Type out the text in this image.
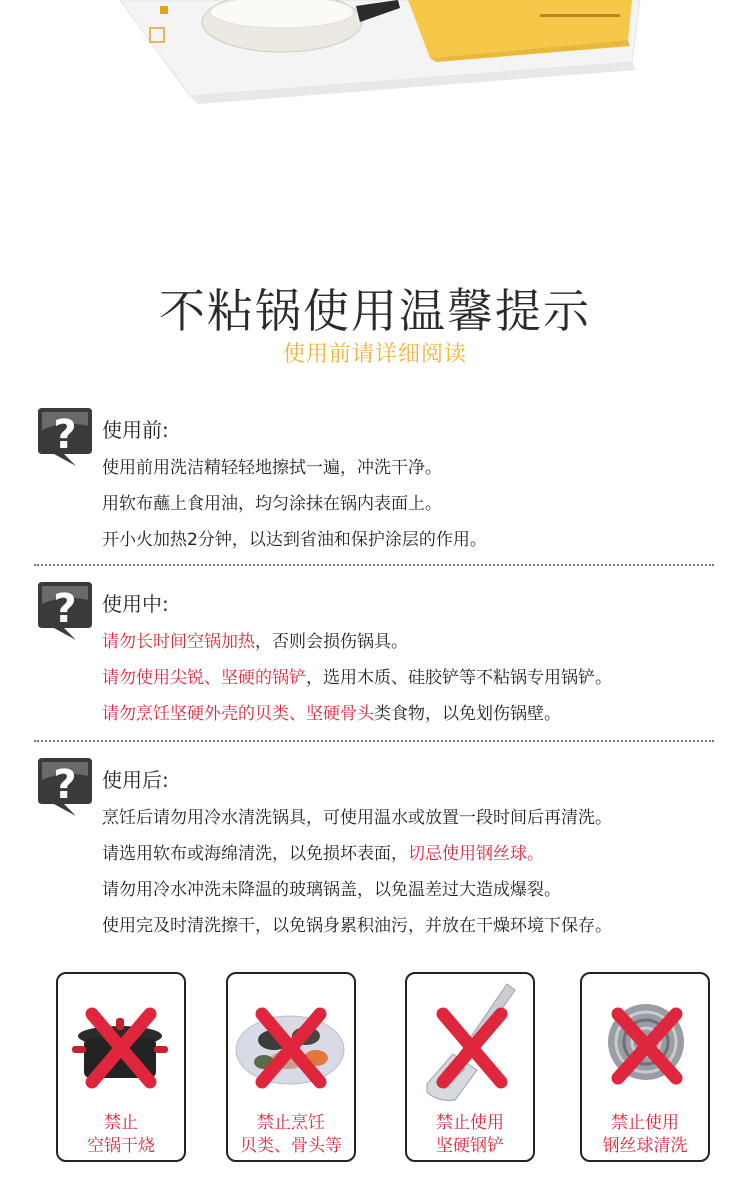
不粘锅使用温馨提示
使用前请详细阅读
? 使用前:
使用前用洗洁精轻轻地擦拭一遍，冲洗干净。
用软布蘸上食用油，均匀涂抹在锅内表面上。
开小火加热2分钟，以达到省油和保护涂层的作用。
? 使用中:
请勿长时间空锅加热，否则会损伤锅具。
请勿使用尖锐、坚硬的锅铲，选用木质、硅胶铲等不粘锅专用锅铲。
请勿烹饪坚硬外壳的贝类、坚硬骨头类食物，以免划伤锅壁。
? 使用后:
烹饪后请勿用冷水清洗锅具，可使用温水或放置一段时间后再清洗。
请选用软布或海绵清洗，以免损坏表面，切忌使用钢丝球。
请勿用冷水冲洗未降温的玻璃锅盖，以免温差过大造成爆裂。
使用完及时清洗擦干，以免锅身累积油污，并放在干燥环境下保存。
禁止
空锅干烧
禁止烹饪
贝类、骨头等
禁止使用
坚硬钢铲
禁止使用
钢丝球清洗
